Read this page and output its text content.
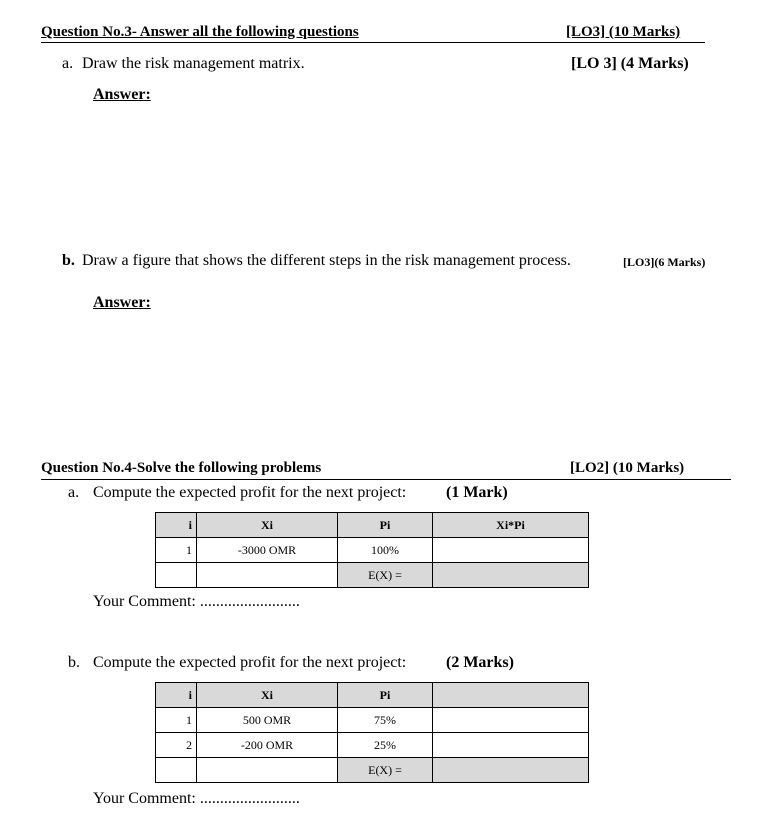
Question No.3- Answer all the following questions	[LO3] (10 Marks)
a. Draw the risk management matrix.	[LO 3] (4 Marks)
Answer:
b. Draw a figure that shows the different steps in the risk management process.	[LO3](6 Marks)
Answer:
Question No.4-Solve the following problems	[LO2] (10 Marks)
a. Compute the expected profit for the next project: (1 Mark)
i	Xi	Pi	Xi*Pi
1	-3000 OMR	100%	
		E(X) =	
Your Comment: .........................
b. Compute the expected profit for the next project: (2 Marks)
i	Xi	Pi	
1	500 OMR	75%	
2	-200 OMR	25%	
		E(X) =	
Your Comment: .........................
